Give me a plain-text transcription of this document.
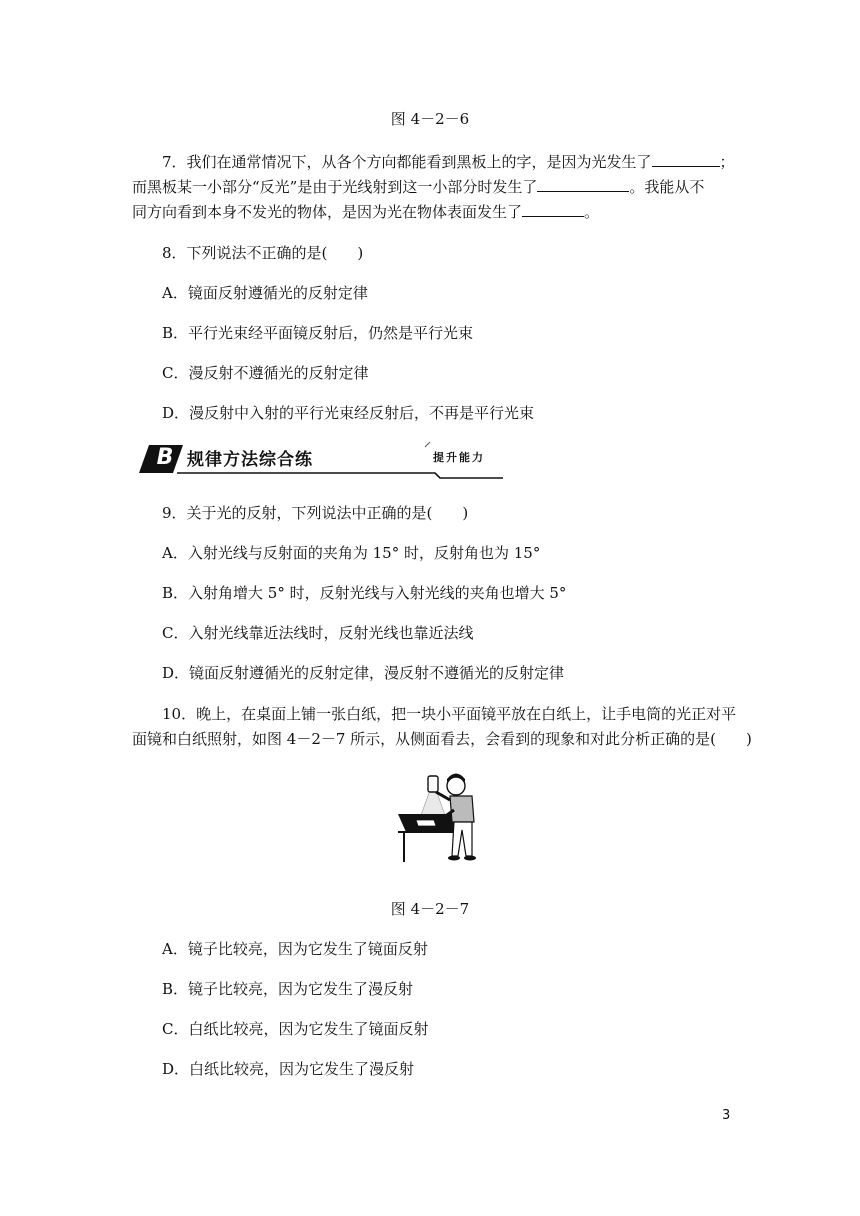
图 4－2－6
7．我们在通常情况下，从各个方向都能看到黑板上的字，是因为光发生了	；
而黑板某一小部分“反光”是由于光线射到这一小部分时发生了	。我能从不
同方向看到本身不发光的物体，是因为光在物体表面发生了	。
8．下列说法不正确的是(　　)
A．镜面反射遵循光的反射定律
B．平行光束经平面镜反射后，仍然是平行光束
C．漫反射不遵循光的反射定律
D．漫反射中入射的平行光束经反射后，不再是平行光束
B 规律方法综合练	提升能力
9．关于光的反射，下列说法中正确的是(　　)
A．入射光线与反射面的夹角为 15° 时，反射角也为 15°
B．入射角增大 5° 时，反射光线与入射光线的夹角也增大 5°
C．入射光线靠近法线时，反射光线也靠近法线
D．镜面反射遵循光的反射定律，漫反射不遵循光的反射定律
10．晚上，在桌面上铺一张白纸，把一块小平面镜平放在白纸上，让手电筒的光正对平
面镜和白纸照射，如图 4－2－7 所示，从侧面看去，会看到的现象和对此分析正确的是(　　)
图 4－2－7
A．镜子比较亮，因为它发生了镜面反射
B．镜子比较亮，因为它发生了漫反射
C．白纸比较亮，因为它发生了镜面反射
D．白纸比较亮，因为它发生了漫反射
3
